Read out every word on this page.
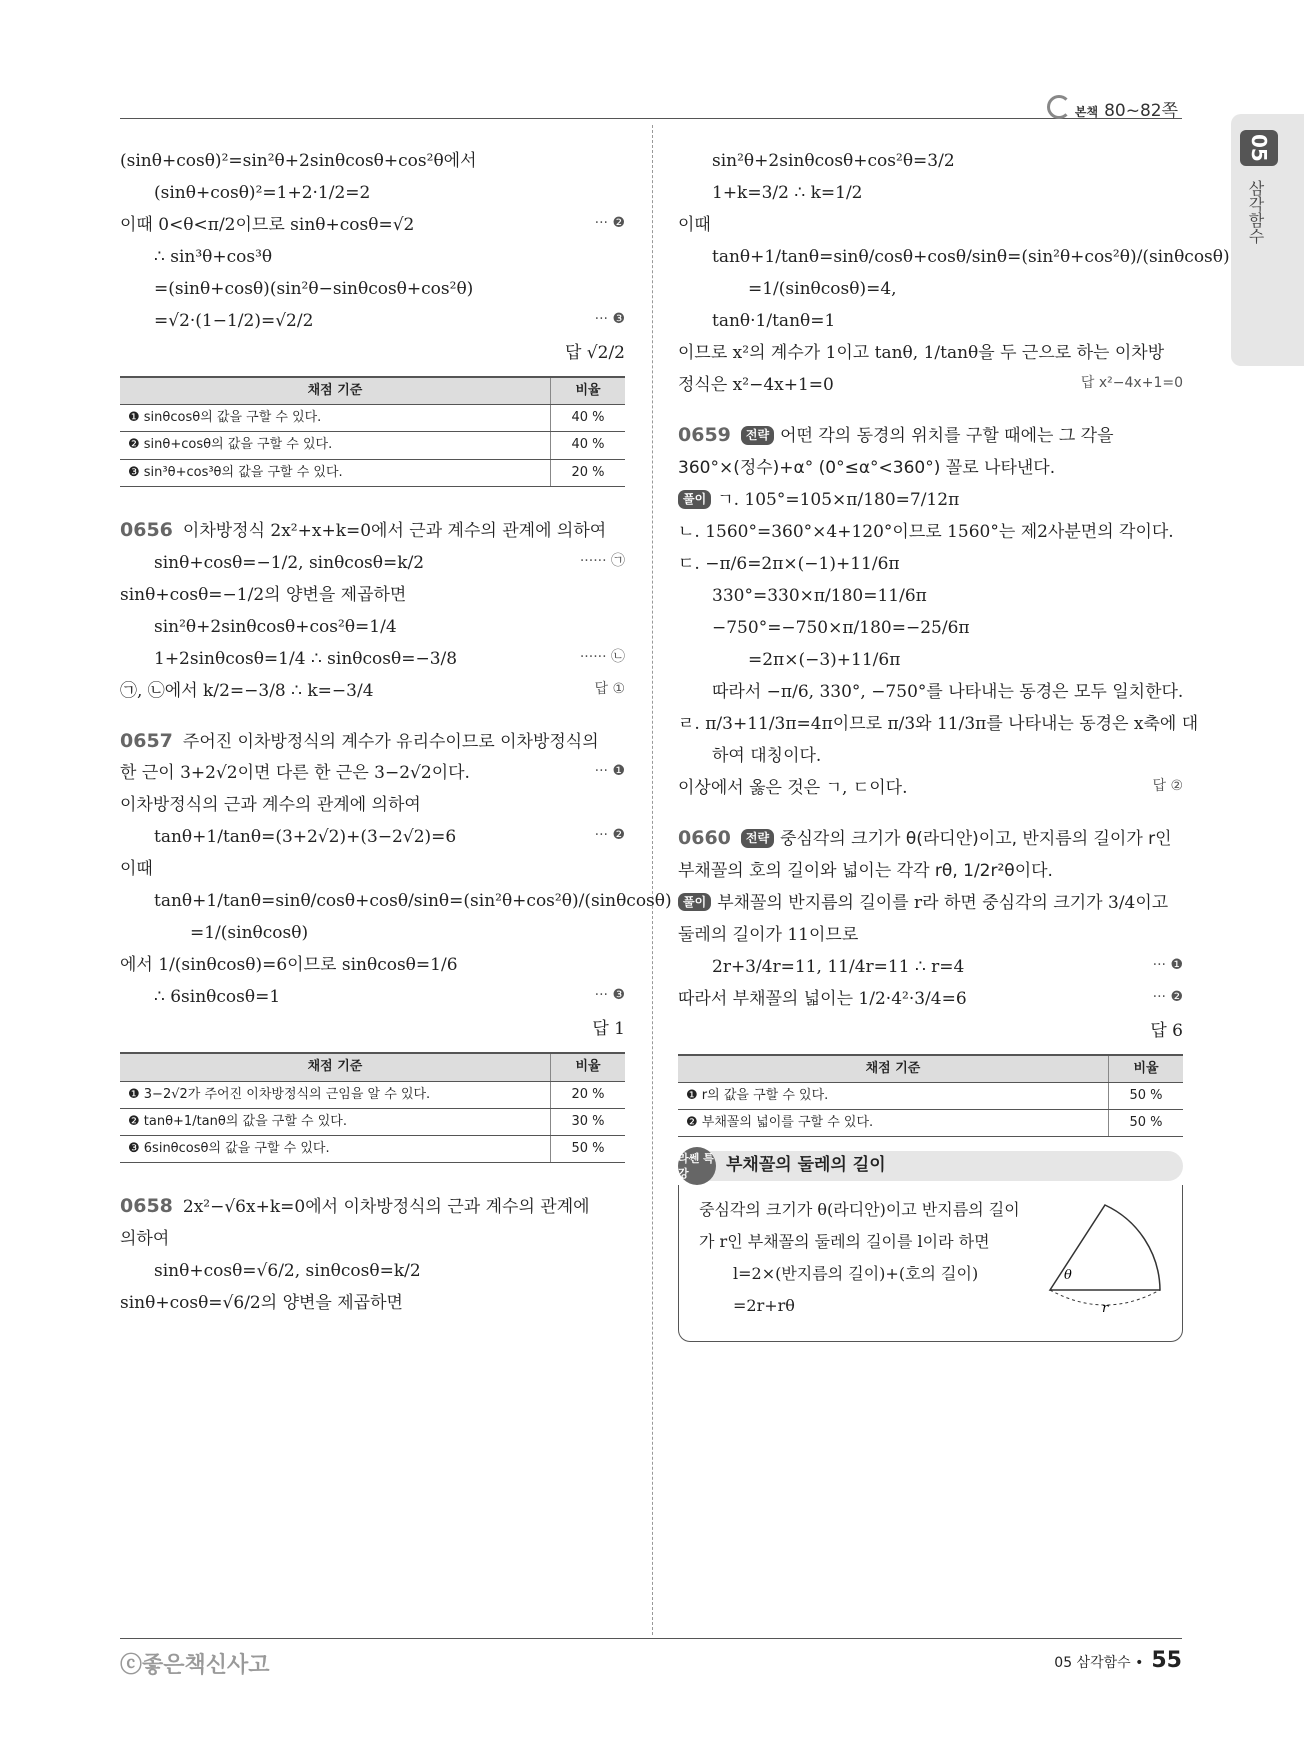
본책 80~82쪽
05
삼각함수
(sinθ+cosθ)²=sin²θ+2sinθcosθ+cos²θ에서
(sinθ+cosθ)²=1+2·1/2=2
이때 0<θ<π/2이므로 sinθ+cosθ=√2	··· ❷
∴ sin³θ+cos³θ
=(sinθ+cosθ)(sin²θ−sinθcosθ+cos²θ)
=√2·(1−1/2)=√2/2	··· ❸
답 √2/2
채점 기준	비율
❶ sinθcosθ의 값을 구할 수 있다.	40 %
❷ sinθ+cosθ의 값을 구할 수 있다.	40 %
❸ sin³θ+cos³θ의 값을 구할 수 있다.	20 %
0656 이차방정식 2x²+x+k=0에서 근과 계수의 관계에 의하여
sinθ+cosθ=−1/2, sinθcosθ=k/2	······ ㉠
sinθ+cosθ=−1/2의 양변을 제곱하면
sin²θ+2sinθcosθ+cos²θ=1/4
1+2sinθcosθ=1/4 ∴ sinθcosθ=−3/8	······ ㉡
㉠, ㉡에서 k/2=−3/8 ∴ k=−3/4	답 ①
0657 주어진 이차방정식의 계수가 유리수이므로 이차방정식의
한 근이 3+2√2이면 다른 한 근은 3−2√2이다.	··· ❶
이차방정식의 근과 계수의 관계에 의하여
tanθ+1/tanθ=(3+2√2)+(3−2√2)=6	··· ❷
이때
tanθ+1/tanθ=sinθ/cosθ+cosθ/sinθ=(sin²θ+cos²θ)/(sinθcosθ)
=1/(sinθcosθ)
에서 1/(sinθcosθ)=6이므로 sinθcosθ=1/6
∴ 6sinθcosθ=1	··· ❸
답 1
채점 기준	비율
❶ 3−2√2가 주어진 이차방정식의 근임을 알 수 있다.	20 %
❷ tanθ+1/tanθ의 값을 구할 수 있다.	30 %
❸ 6sinθcosθ의 값을 구할 수 있다.	50 %
0658 2x²−√6x+k=0에서 이차방정식의 근과 계수의 관계에
의하여
sinθ+cosθ=√6/2, sinθcosθ=k/2
sinθ+cosθ=√6/2의 양변을 제곱하면
sin²θ+2sinθcosθ+cos²θ=3/2
1+k=3/2 ∴ k=1/2
이때
tanθ+1/tanθ=sinθ/cosθ+cosθ/sinθ=(sin²θ+cos²θ)/(sinθcosθ)
=1/(sinθcosθ)=4,
tanθ·1/tanθ=1
이므로 x²의 계수가 1이고 tanθ, 1/tanθ을 두 근으로 하는 이차방
정식은 x²−4x+1=0	답 x²−4x+1=0
0659 전략 어떤 각의 동경의 위치를 구할 때에는 그 각을
360°×(정수)+α° (0°≤α°<360°) 꼴로 나타낸다.
풀이 ㄱ. 105°=105×π/180=7/12π
ㄴ. 1560°=360°×4+120°이므로 1560°는 제2사분면의 각이다.
ㄷ. −π/6=2π×(−1)+11/6π
330°=330×π/180=11/6π
−750°=−750×π/180=−25/6π
=2π×(−3)+11/6π
따라서 −π/6, 330°, −750°를 나타내는 동경은 모두 일치한다.
ㄹ. π/3+11/3π=4π이므로 π/3와 11/3π를 나타내는 동경은 x축에 대
하여 대칭이다.
이상에서 옳은 것은 ㄱ, ㄷ이다.	답 ②
0660 전략 중심각의 크기가 θ(라디안)이고, 반지름의 길이가 r인
부채꼴의 호의 길이와 넓이는 각각 rθ, 1/2r²θ이다.
풀이 부채꼴의 반지름의 길이를 r라 하면 중심각의 크기가 3/4이고
둘레의 길이가 11이므로
2r+3/4r=11, 11/4r=11 ∴ r=4	··· ❶
따라서 부채꼴의 넓이는 1/2·4²·3/4=6	··· ❷
답 6
채점 기준	비율
❶ r의 값을 구할 수 있다.	50 %
❷ 부채꼴의 넓이를 구할 수 있다.	50 %
라쎈 특강	부채꼴의 둘레의 길이
중심각의 크기가 θ(라디안)이고 반지름의 길이
가 r인 부채꼴의 둘레의 길이를 l이라 하면
l=2×(반지름의 길이)+(호의 길이)
=2r+rθ
θ
r
ⓒ좋은책신사고	05 삼각함수 • 55
